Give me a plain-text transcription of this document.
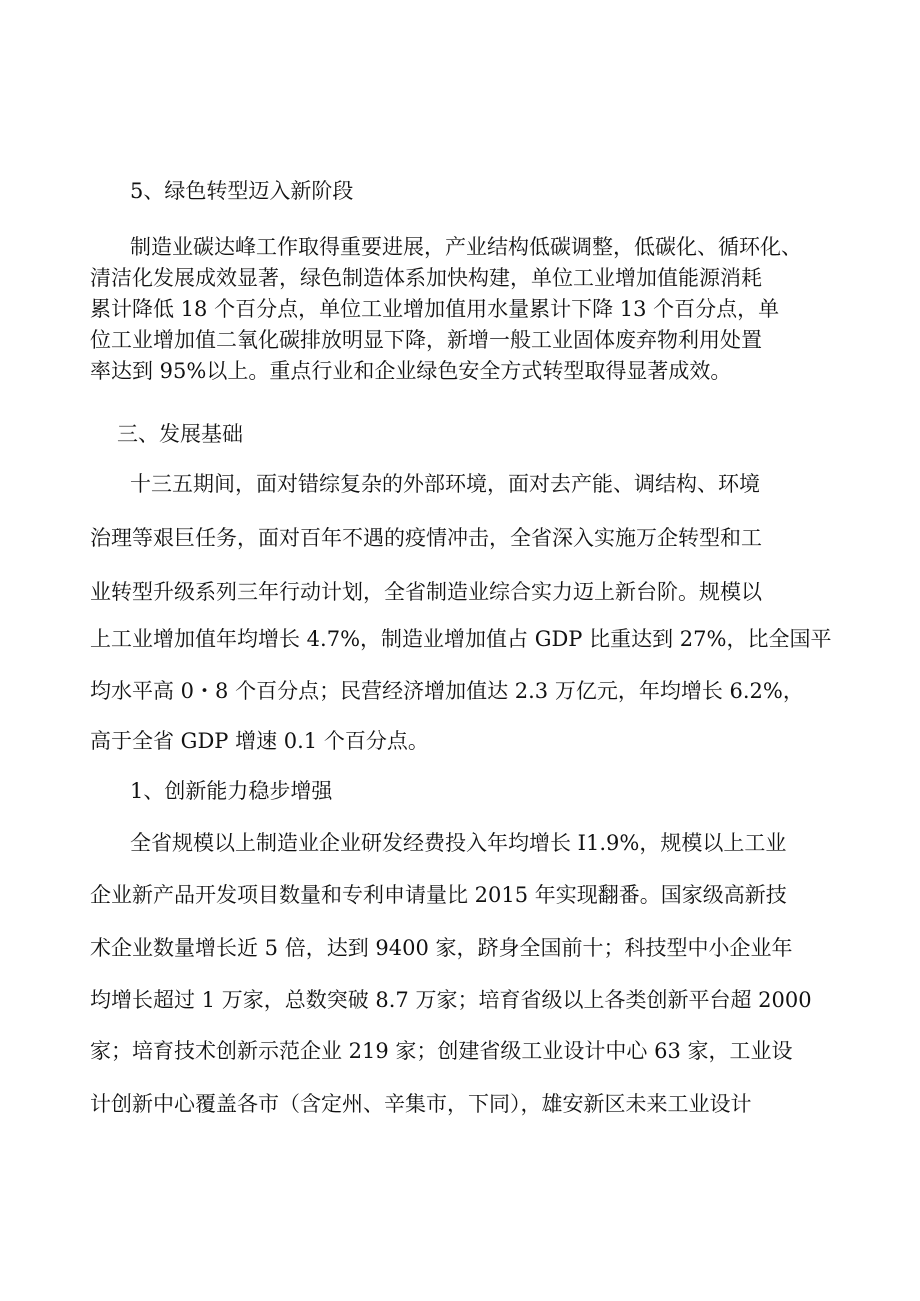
5、绿色转型迈入新阶段
制造业碳达峰工作取得重要进展，产业结构低碳调整，低碳化、循环化、
清洁化发展成效显著，绿色制造体系加快构建，单位工业增加值能源消耗
累计降低 18 个百分点，单位工业增加值用水量累计下降 13 个百分点，单
位工业增加值二氧化碳排放明显下降，新增一般工业固体废弃物利用处置
率达到 95%以上。重点行业和企业绿色安全方式转型取得显著成效。
三、发展基础
十三五期间，面对错综复杂的外部环境，面对去产能、调结构、环境
治理等艰巨任务，面对百年不遇的疫情冲击，全省深入实施万企转型和工
业转型升级系列三年行动计划，全省制造业综合实力迈上新台阶。规模以
上工业增加值年均增长 4.7%，制造业增加值占 GDP 比重达到 27%，比全国平
均水平高 0・8 个百分点；民营经济增加值达 2.3 万亿元，年均增长 6.2%，
高于全省 GDP 增速 0.1 个百分点。
1、创新能力稳步增强
全省规模以上制造业企业研发经费投入年均增长 I1.9%，规模以上工业
企业新产品开发项目数量和专利申请量比 2015 年实现翻番。国家级高新技
术企业数量增长近 5 倍，达到 9400 家，跻身全国前十；科技型中小企业年
均增长超过 1 万家，总数突破 8.7 万家；培育省级以上各类创新平台超 2000
家；培育技术创新示范企业 219 家；创建省级工业设计中心 63 家，工业设
计创新中心覆盖各市（含定州、辛集市，下同），雄安新区未来工业设计
